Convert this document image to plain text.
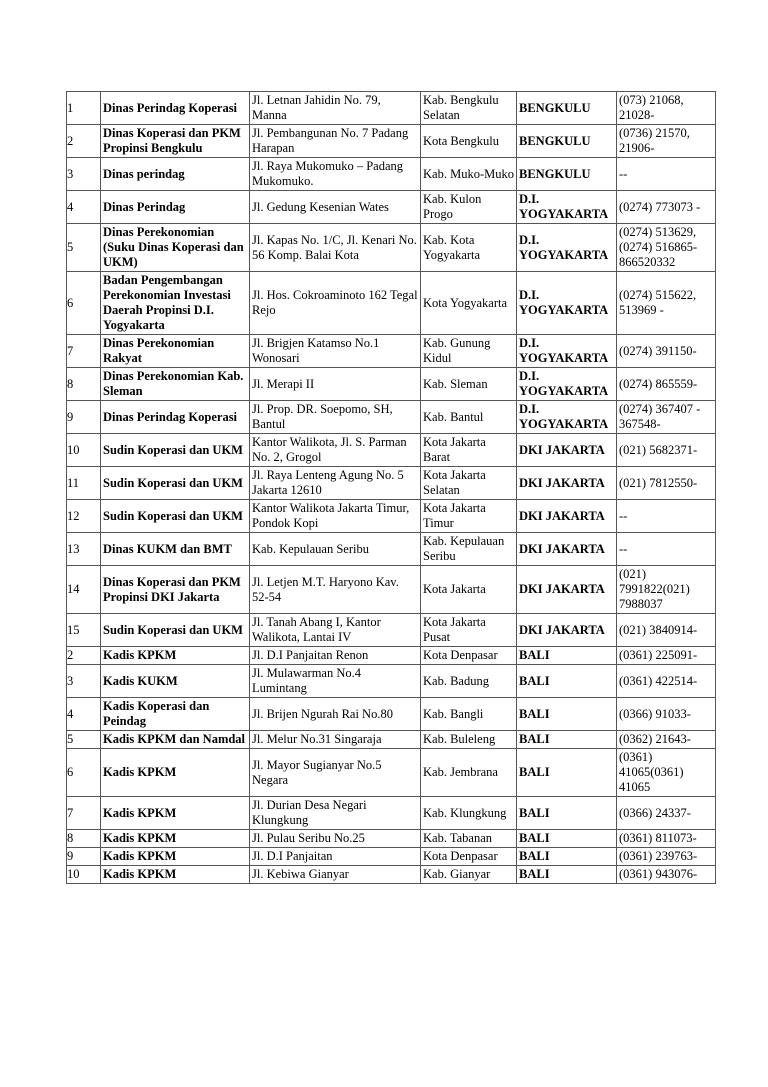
1	Dinas Perindag Koperasi	Jl. Letnan Jahidin No. 79, Manna	Kab. Bengkulu Selatan	BENGKULU	(073) 21068, 21028-
2	Dinas Koperasi dan PKM Propinsi Bengkulu	Jl. Pembangunan No. 7 Padang Harapan	Kota Bengkulu	BENGKULU	(0736) 21570, 21906-
3	Dinas perindag	Jl. Raya Mukomuko – Padang Mukomuko.	Kab. Muko-Muko	BENGKULU	--
4	Dinas Perindag	Jl. Gedung Kesenian Wates	Kab. Kulon Progo	D.I. YOGYAKARTA	(0274) 773073 -
5	Dinas Perekonomian (Suku Dinas Koperasi dan UKM)	Jl. Kapas No. 1/C, Jl. Kenari No. 56 Komp. Balai Kota	Kab. Kota Yogyakarta	D.I. YOGYAKARTA	(0274) 513629, (0274) 516865-866520332
6	Badan Pengembangan Perekonomian Investasi Daerah Propinsi D.I. Yogyakarta	Jl. Hos. Cokroaminoto 162 Tegal Rejo	Kota Yogyakarta	D.I. YOGYAKARTA	(0274) 515622, 513969 -
7	Dinas Perekonomian Rakyat	Jl. Brigjen Katamso No.1 Wonosari	Kab. Gunung Kidul	D.I. YOGYAKARTA	(0274) 391150-
8	Dinas Perekonomian Kab. Sleman	Jl. Merapi II	Kab. Sleman	D.I. YOGYAKARTA	(0274) 865559-
9	Dinas Perindag Koperasi	Jl. Prop. DR. Soepomo, SH, Bantul	Kab. Bantul	D.I. YOGYAKARTA	(0274) 367407 - 367548-
10	Sudin Koperasi dan UKM	Kantor Walikota, Jl. S. Parman No. 2, Grogol	Kota Jakarta Barat	DKI JAKARTA	(021) 5682371-
11	Sudin Koperasi dan UKM	Jl. Raya Lenteng Agung No. 5 Jakarta 12610	Kota Jakarta Selatan	DKI JAKARTA	(021) 7812550-
12	Sudin Koperasi dan UKM	Kantor Walikota Jakarta Timur, Pondok Kopi	Kota Jakarta Timur	DKI JAKARTA	--
13	Dinas KUKM dan BMT	Kab. Kepulauan Seribu	Kab. Kepulauan Seribu	DKI JAKARTA	--
14	Dinas Koperasi dan PKM Propinsi DKI Jakarta	Jl. Letjen M.T. Haryono Kav. 52-54	Kota Jakarta	DKI JAKARTA	(021) 7991822(021) 7988037
15	Sudin Koperasi dan UKM	Jl. Tanah Abang I, Kantor Walikota, Lantai IV	Kota Jakarta Pusat	DKI JAKARTA	(021) 3840914-
2	Kadis KPKM	Jl. D.I Panjaitan Renon	Kota Denpasar	BALI	(0361) 225091-
3	Kadis KUKM	Jl. Mulawarman No.4 Lumintang	Kab. Badung	BALI	(0361) 422514-
4	Kadis Koperasi dan Peindag	Jl. Brijen Ngurah Rai No.80	Kab. Bangli	BALI	(0366) 91033-
5	Kadis KPKM dan Namdal	Jl. Melur No.31 Singaraja	Kab. Buleleng	BALI	(0362) 21643-
6	Kadis KPKM	Jl. Mayor Sugianyar No.5 Negara	Kab. Jembrana	BALI	(0361) 41065(0361) 41065
7	Kadis KPKM	Jl. Durian Desa Negari Klungkung	Kab. Klungkung	BALI	(0366) 24337-
8	Kadis KPKM	Jl. Pulau Seribu No.25	Kab. Tabanan	BALI	(0361) 811073-
9	Kadis KPKM	Jl. D.I Panjaitan	Kota Denpasar	BALI	(0361) 239763-
10	Kadis KPKM	Jl. Kebiwa Gianyar	Kab. Gianyar	BALI	(0361) 943076-
